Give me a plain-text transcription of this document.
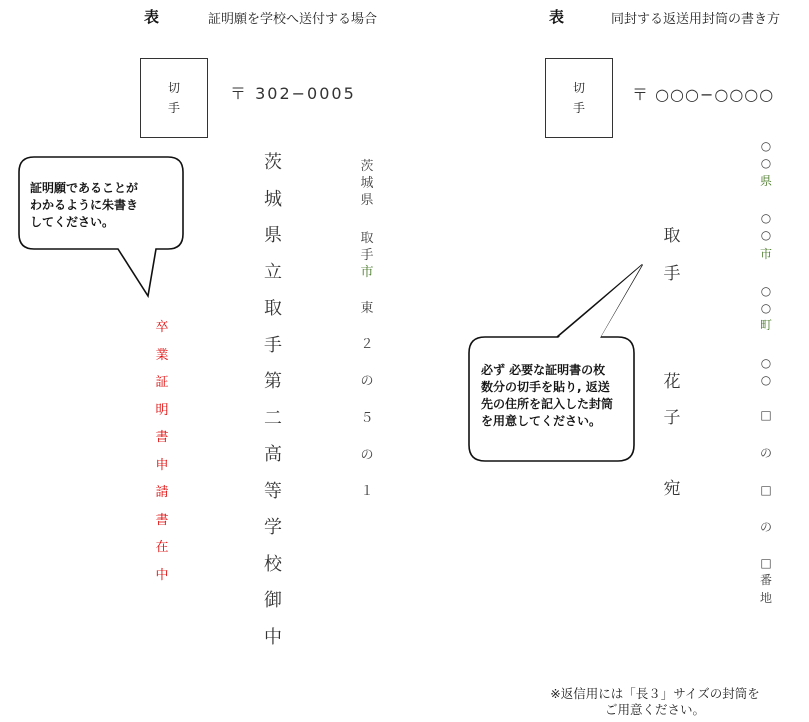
表	証明願を学校へ送付する場合
切
手
〒 302−0005
茨
城
県
立
取
手
第
二
高
等
学
校
御
中
茨
城
県
取
手
市
東
２
の
５
の
１
卒
業
証
明
書
申
請
書
在
中
証明願であることが
わかるように朱書き
してください。
表	同封する返送用封筒の書き方
切
手
〒 ○○○−○○○○
取
手
花
子
宛
○
○
県
○
○
市
○
○
町
○
○
□
の
□
の
□
番
地
必ず 必要な証明書の枚
数分の切手を貼り, 返送
先の住所を記入した封筒
を用意してください。
※返信用には「長３」サイズの封筒を
ご用意ください。
